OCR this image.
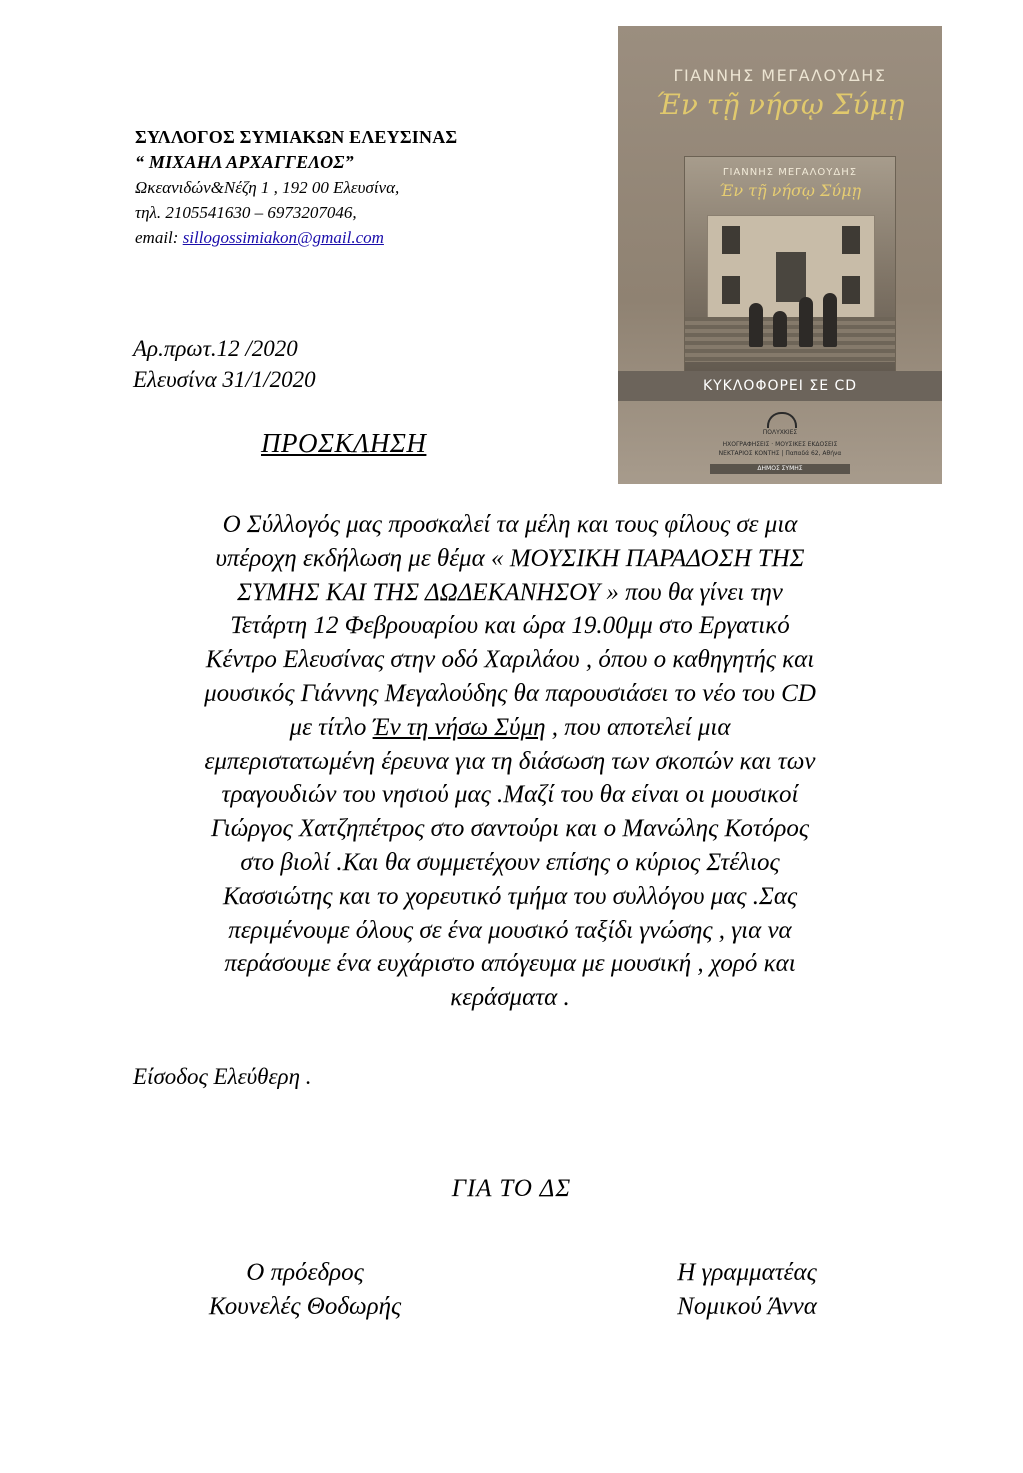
ΣΥΛΛΟΓΟΣ ΣΥΜΙΑΚΩΝ ΕΛΕΥΣΙΝΑΣ
“ ΜΙΧΑΗΛ ΑΡΧΑΓΓΕΛΟΣ”
Ωκεανιδών&Νέζη 1 , 192 00 Ελευσίνα,
τηλ. 2105541630 – 6973207046,
email: sillogossimiakon@gmail.com
Αρ.πρωτ.12 /2020
Ελευσίνα 31/1/2020
ΠΡΟΣΚΛΗΣΗ
Ο Σύλλογός μας προσκαλεί τα μέλη και τους φίλους σε μια
υπέροχη εκδήλωση με θέμα « ΜΟΥΣΙΚΗ ΠΑΡΑΔΟΣΗ ΤΗΣ
ΣΥΜΗΣ ΚΑΙ ΤΗΣ ΔΩΔΕΚΑΝΗΣΟΥ » που θα γίνει την
Τετάρτη 12 Φεβρουαρίου και ώρα 19.00μμ στο Εργατικό
Κέντρο Ελευσίνας στην οδό Χαριλάου , όπου ο καθηγητής και
μουσικός Γιάννης Μεγαλούδης θα παρουσιάσει το νέο του CD
με τίτλο Έν τη νήσω Σύμη , που αποτελεί μια
εμπεριστατωμένη έρευνα για τη διάσωση των σκοπών και των
τραγουδιών του νησιού μας .Μαζί του θα είναι οι μουσικοί
Γιώργος Χατζηπέτρος στο σαντούρι και ο Μανώλης Κοτόρος
στο βιολί .Και θα συμμετέχουν επίσης ο κύριος Στέλιος
Κασσιώτης και το χορευτικό τμήμα του συλλόγου μας .Σας
περιμένουμε όλους σε ένα μουσικό ταξίδι γνώσης , για να
περάσουμε ένα ευχάριστο απόγευμα με μουσική , χορό και
κεράσματα .
Είσοδος Ελεύθερη .
ΓΙΑ ΤΟ ΔΣ
Ο πρόεδρος
Κουνελές Θοδωρής
Η γραμματέας
Νομικού Άννα
ΓΙΑΝΝΗΣ ΜΕΓΑΛΟΥΔΗΣ
Έν τῇ νήσῳ Σύμῃ
ΓΙΑΝΝΗΣ ΜΕΓΑΛΟΥΔΗΣ
Έν τῇ νήσῳ Σύμῃ
ΚΥΚΛΟΦΟΡΕΙ ΣΕ CD
ΠΟΛΥΧΚΙΕΣ
ΗΧΟΓΡΑΦΗΣΕΙΣ · ΜΟΥΣΙΚΕΣ ΕΚΔΟΣΕΙΣ
ΝΕΚΤΑΡΙΟΣ ΚΟΝΤΗΣ | Παπαδά 62, Αθήνα
ΔΗΜΟΣ ΣΥΜΗΣ
